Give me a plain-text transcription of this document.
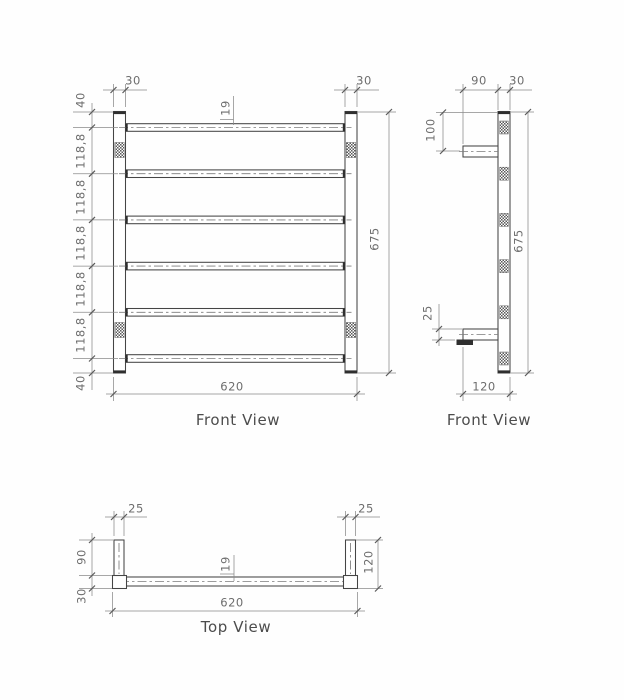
30	30
19
40
118,8
118,8
118,8
118,8
118,8
40
675
620
Front View
90 30
100
25
675
120
Front View
25	25
90
30
19
620
120
Top View
